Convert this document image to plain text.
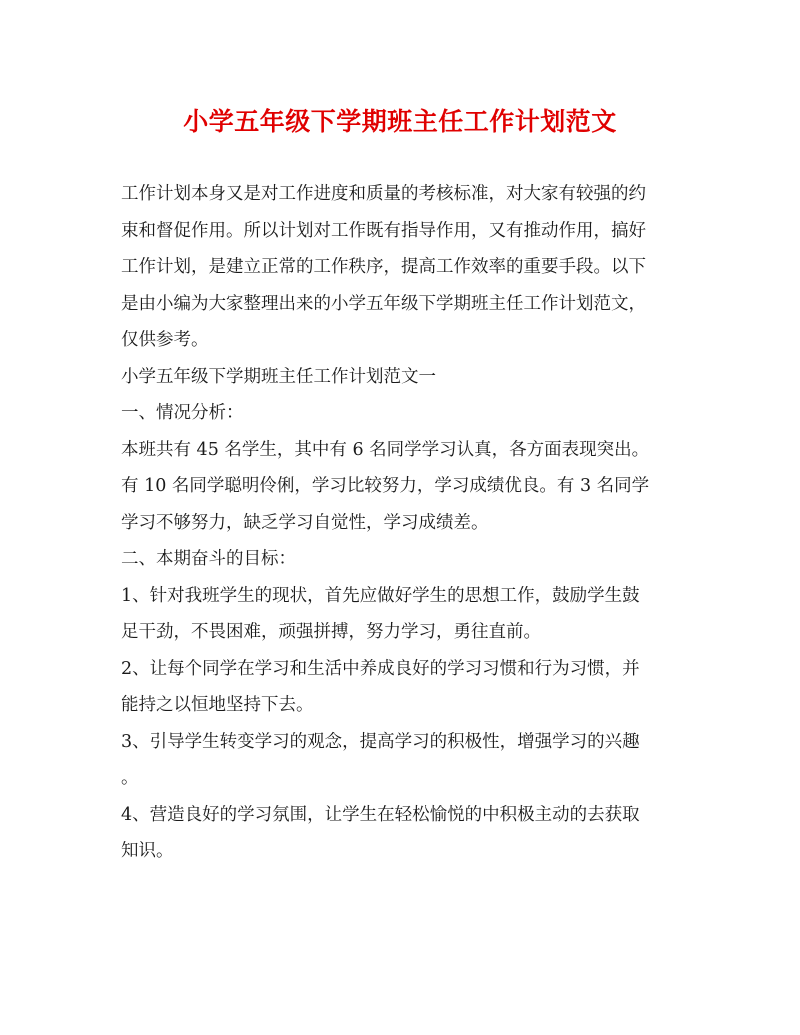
小学五年级下学期班主任工作计划范文

工作计划本身又是对工作进度和质量的考核标准，对大家有较强的约
束和督促作用。所以计划对工作既有指导作用，又有推动作用，搞好
工作计划，是建立正常的工作秩序，提高工作效率的重要手段。以下
是由小编为大家整理出来的小学五年级下学期班主任工作计划范文，
仅供参考。

小学五年级下学期班主任工作计划范文一

一、情况分析：

本班共有 45 名学生，其中有 6 名同学学习认真，各方面表现突出。
有 10 名同学聪明伶俐，学习比较努力，学习成绩优良。有 3 名同学
学习不够努力，缺乏学习自觉性，学习成绩差。

二、本期奋斗的目标：

1、针对我班学生的现状，首先应做好学生的思想工作，鼓励学生鼓
足干劲，不畏困难，顽强拼搏，努力学习，勇往直前。

2、让每个同学在学习和生活中养成良好的学习习惯和行为习惯，并
能持之以恒地坚持下去。

3、引导学生转变学习的观念，提高学习的积极性，增强学习的兴趣
。

4、营造良好的学习氛围，让学生在轻松愉悦的中积极主动的去获取
知识。
